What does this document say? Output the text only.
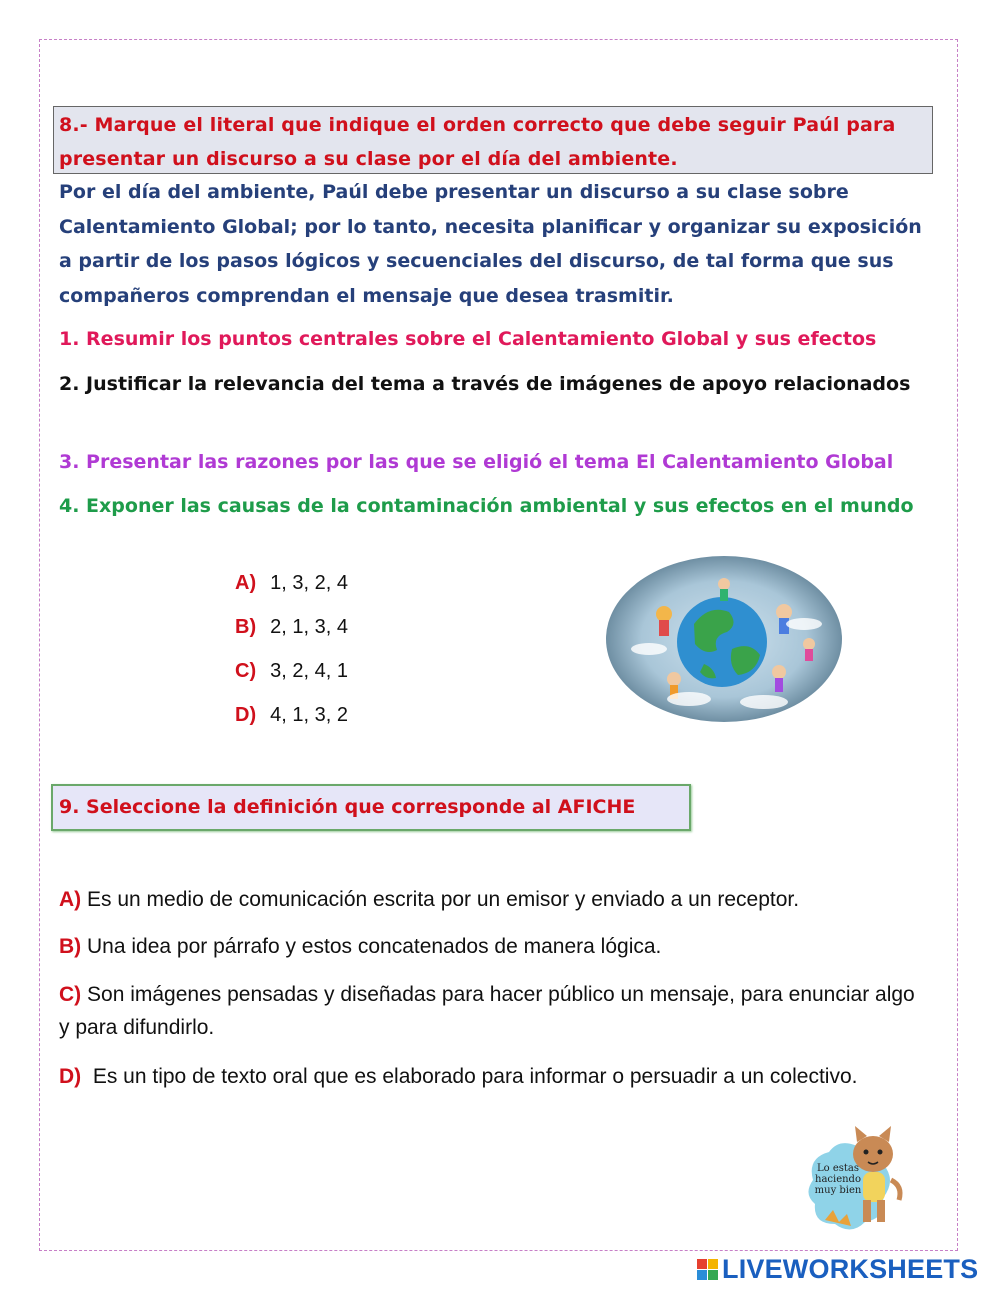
8.- Marque el literal que indique el orden correcto que debe seguir Paúl para presentar un discurso a su clase por el día del ambiente.
Por el día del ambiente, Paúl debe presentar un discurso a su clase sobre Calentamiento Global; por lo tanto, necesita planificar y organizar su exposición a partir de los pasos lógicos y secuenciales del discurso, de tal forma que sus compañeros comprendan el mensaje que desea trasmitir.
1. Resumir los puntos centrales sobre el Calentamiento Global y sus efectos
2. Justificar la relevancia del tema a través de imágenes de apoyo relacionados
3. Presentar las razones por las que se eligió el tema El Calentamiento Global
4. Exponer las causas de la contaminación ambiental y sus efectos en el mundo
A) 1, 3, 2, 4
B) 2, 1, 3, 4
C) 3, 2, 4, 1
D) 4, 1, 3, 2
9. Seleccione la definición que corresponde al AFICHE
A) Es un medio de comunicación escrita por un emisor y enviado a un receptor.
B) Una idea por párrafo y estos concatenados de manera lógica.
C) Son imágenes pensadas y diseñadas para hacer público un mensaje, para enunciar algo y para difundirlo.
D) Es un tipo de texto oral que es elaborado para informar o persuadir a un colectivo.
Lo estas haciendo muy bien
LIVEWORKSHEETS
